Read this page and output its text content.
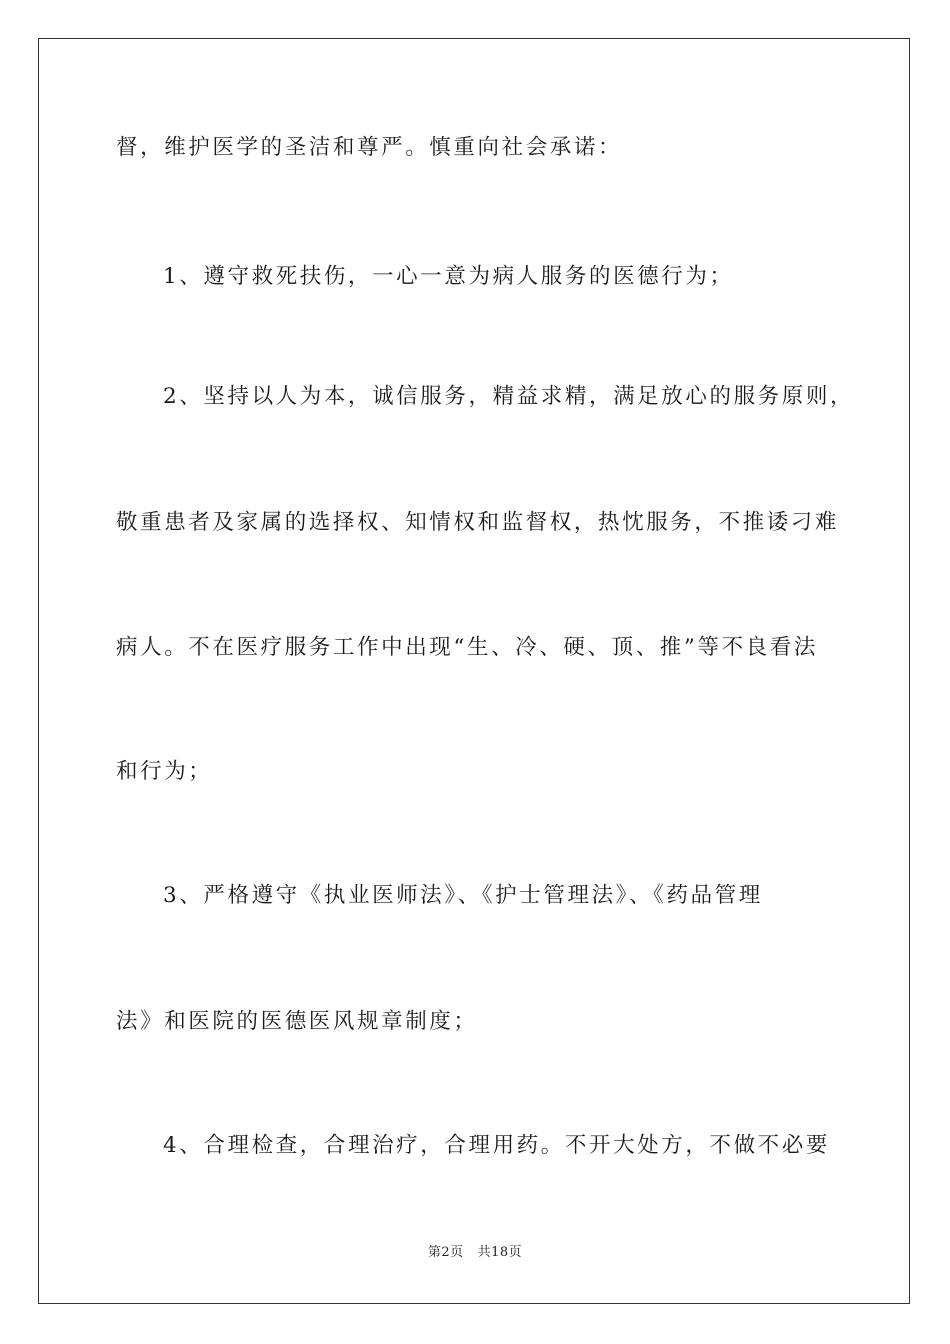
督，维护医学的圣洁和尊严。慎重向社会承诺：
1、遵守救死扶伤，一心一意为病人服务的医德行为；
2、坚持以人为本，诚信服务，精益求精，满足放心的服务原则，
敬重患者及家属的选择权、知情权和监督权，热忱服务，不推诿刁难
病人。不在医疗服务工作中出现“生、冷、硬、顶、推”等不良看法
和行为；
3、严格遵守《执业医师法》、《护士管理法》、《药品管理
法》和医院的医德医风规章制度；
4、合理检查，合理治疗，合理用药。不开大处方，不做不必要
第2页 共18页
